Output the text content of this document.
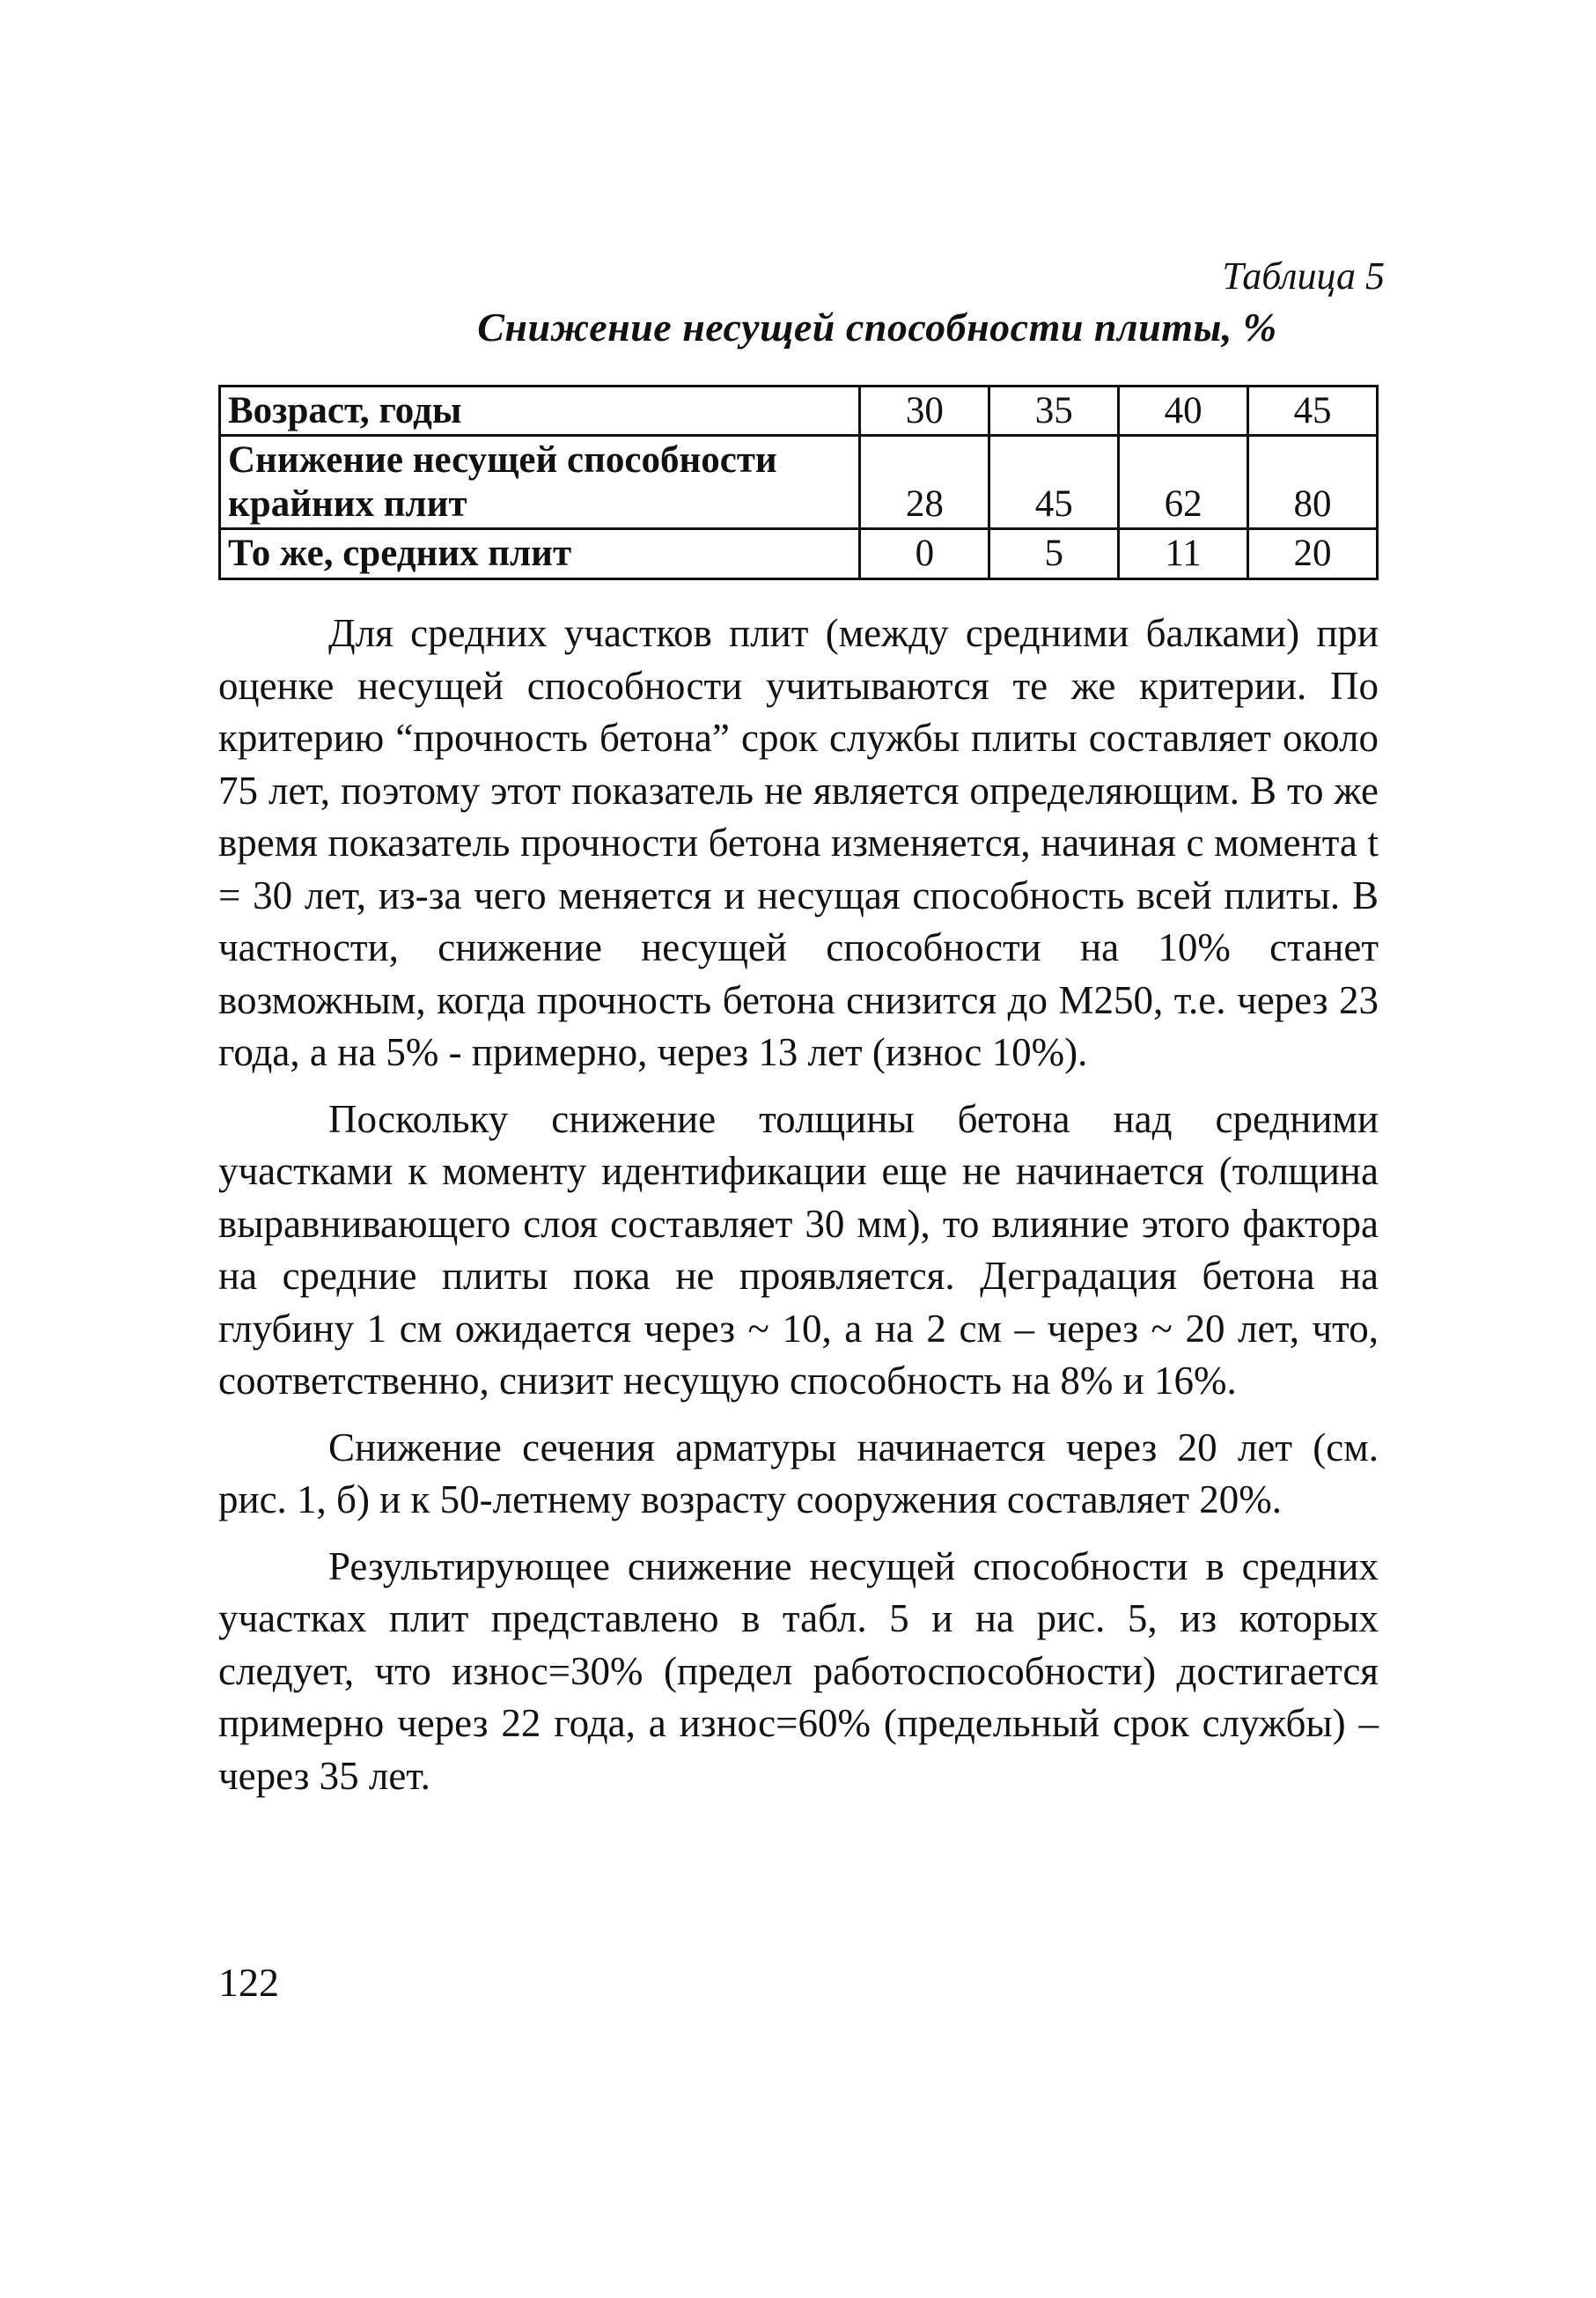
Таблица 5
Снижение несущей способности плиты, %
Возраст, годы	30	35	40	45
Снижение несущей способности крайних плит	28	45	62	80
То же, средних плит	0	5	11	20

Для средних участков плит (между средними балками) при оценке несущей способности учитываются те же критерии. По критерию “прочность бетона” срок службы плиты составляет около 75 лет, поэтому этот показатель не является определяющим. В то же время показатель прочности бетона изменяется, начиная с момента t = 30 лет, из-за чего меняется и несущая способность всей плиты. В частности, снижение несущей способности на 10% станет возможным, когда прочность бетона снизится до М250, т.е. через 23 года, а на 5% - примерно, через 13 лет (износ 10%).

Поскольку снижение толщины бетона над средними участками к моменту идентификации еще не начинается (толщина выравнивающего слоя составляет 30 мм), то влияние этого фактора на средние плиты пока не проявляется. Деградация бетона на глубину 1 см ожидается через ~ 10, а на 2 см – через ~ 20 лет, что, соответственно, снизит несущую способность на 8% и 16%.

Снижение сечения арматуры начинается через 20 лет (см. рис. 1, б) и к 50-летнему возрасту сооружения составляет 20%.

Результирующее снижение несущей способности в средних участках плит представлено в табл. 5 и на рис. 5, из которых следует, что износ=30% (предел работоспособности) достигается примерно через 22 года, а износ=60% (предельный срок службы) – через 35 лет.

122
